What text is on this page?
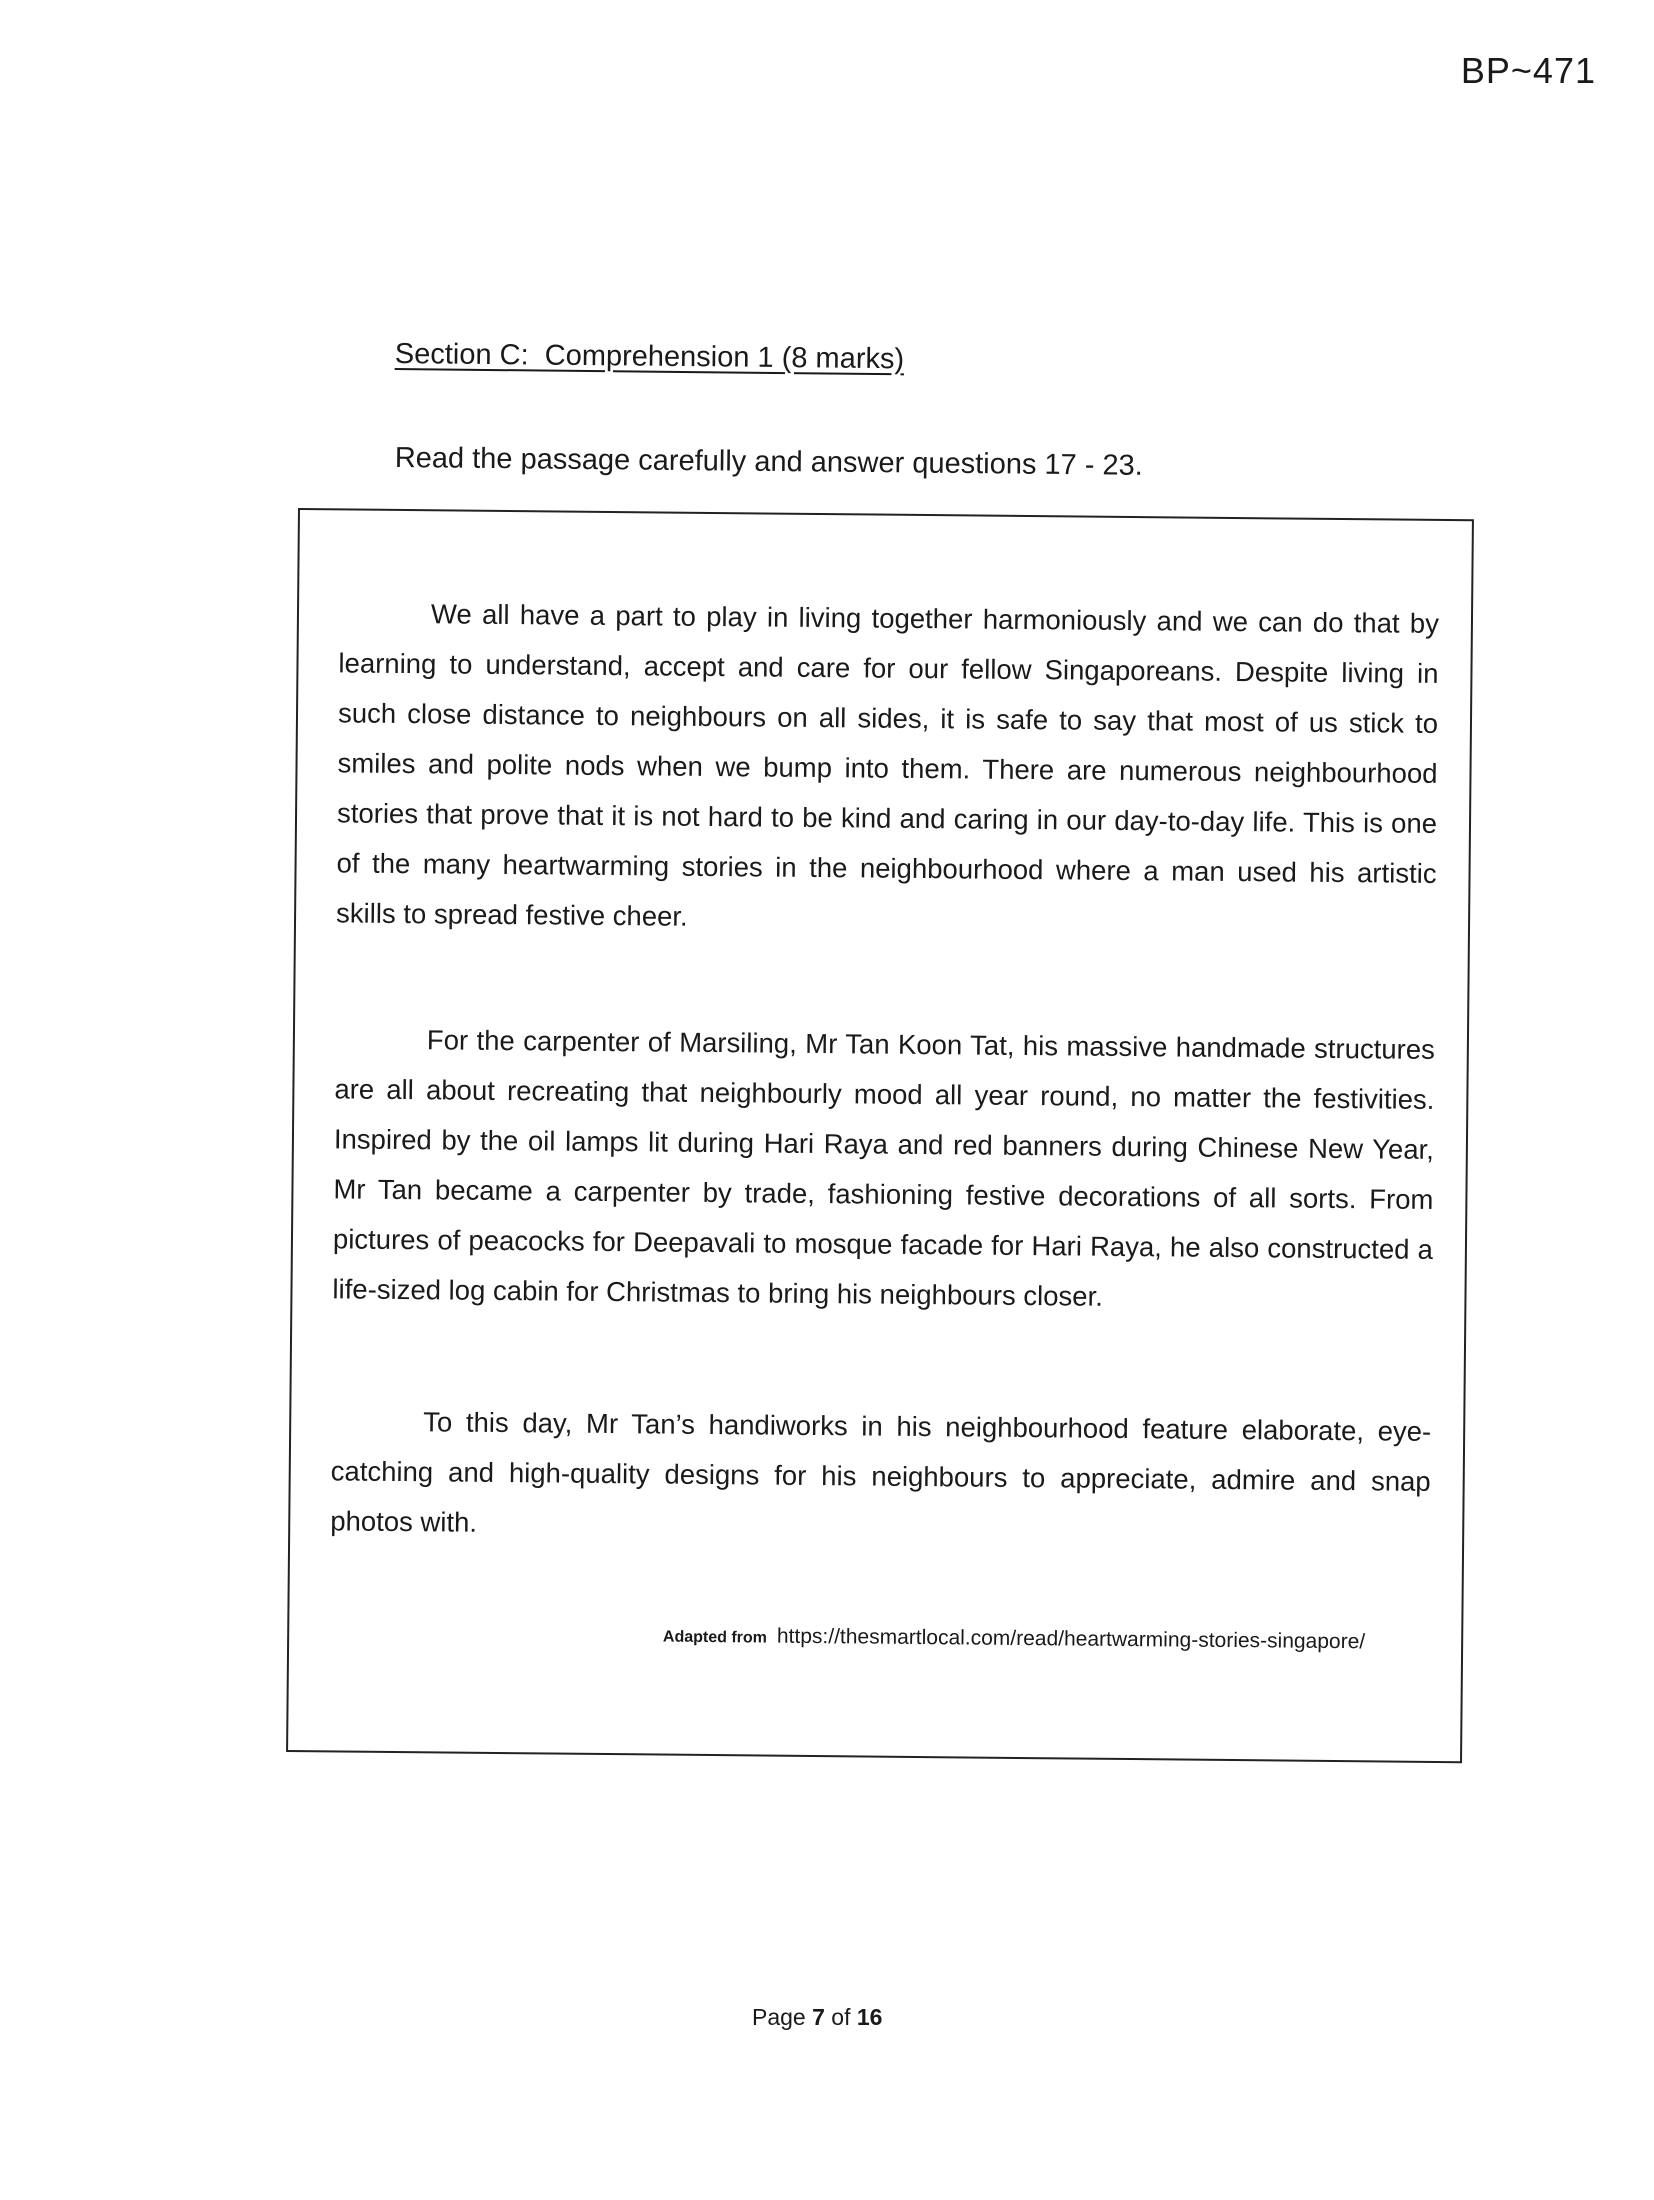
BP~471
Section C:  Comprehension 1 (8 marks)
Read the passage carefully and answer questions 17 - 23.

We all have a part to play in living together harmoniously and we can do that by learning to understand, accept and care for our fellow Singaporeans. Despite living in such close distance to neighbours on all sides, it is safe to say that most of us stick to smiles and polite nods when we bump into them. There are numerous neighbourhood stories that prove that it is not hard to be kind and caring in our day-to-day life. This is one of the many heartwarming stories in the neighbourhood where a man used his artistic skills to spread festive cheer.

For the carpenter of Marsiling, Mr Tan Koon Tat, his massive handmade structures are all about recreating that neighbourly mood all year round, no matter the festivities. Inspired by the oil lamps lit during Hari Raya and red banners during Chinese New Year, Mr Tan became a carpenter by trade, fashioning festive decorations of all sorts. From pictures of peacocks for Deepavali to mosque facade for Hari Raya, he also constructed a life-sized log cabin for Christmas to bring his neighbours closer.

To this day, Mr Tan’s handiworks in his neighbourhood feature elaborate, eye-catching and high-quality designs for his neighbours to appreciate, admire and snap photos with.

Adapted from https://thesmartlocal.com/read/heartwarming-stories-singapore/
Page 7 of 16
